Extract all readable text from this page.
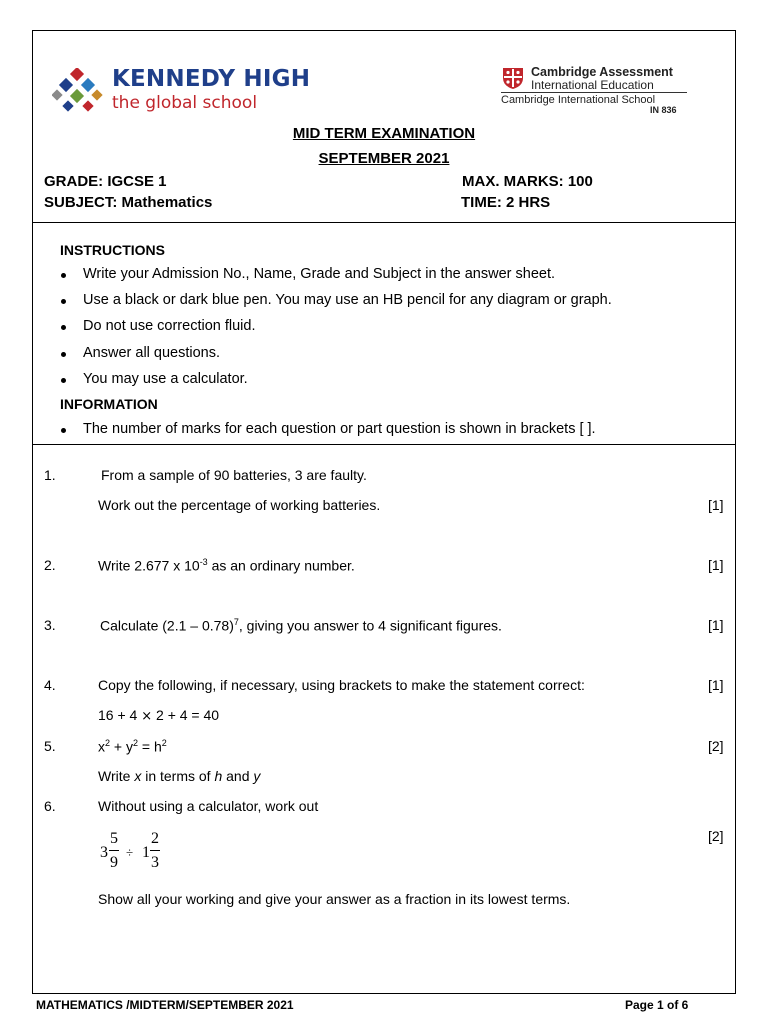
KENNEDY HIGH
the global school
Cambridge Assessment
International Education
Cambridge International School
IN 836
MID TERM EXAMINATION
SEPTEMBER 2021
GRADE: IGCSE 1
SUBJECT: Mathematics
MAX. MARKS: 100
TIME: 2 HRS
INSTRUCTIONS
Write your Admission No., Name, Grade and Subject in the answer sheet.
Use a black or dark blue pen. You may use an HB pencil for any diagram or graph.
Do not use correction fluid.
Answer all questions.
You may use a calculator.
INFORMATION
The number of marks for each question or part question is shown in brackets [ ].
1.	From a sample of 90 batteries, 3 are faulty.
Work out the percentage of working batteries.	[1]
2.	Write 2.677 x $10^{-3}$ as an ordinary number.	[1]
3.	Calculate (2.1 – 0.78)$^7$, giving you answer to 4 significant figures.	[1]
4.	Copy the following, if necessary, using brackets to make the statement correct:	[1]
16 + 4 × 2 + 4 = 40
5.	$x^2 + y^2 = h^2$	[2]
Write x in terms of h and y
6.	Without using a calculator, work out
[2]
3
5
9
÷ 1
2
3
Show all your working and give your answer as a fraction in its lowest terms.
MATHEMATICS /MIDTERM/SEPTEMBER 2021	Page 1 of 6
